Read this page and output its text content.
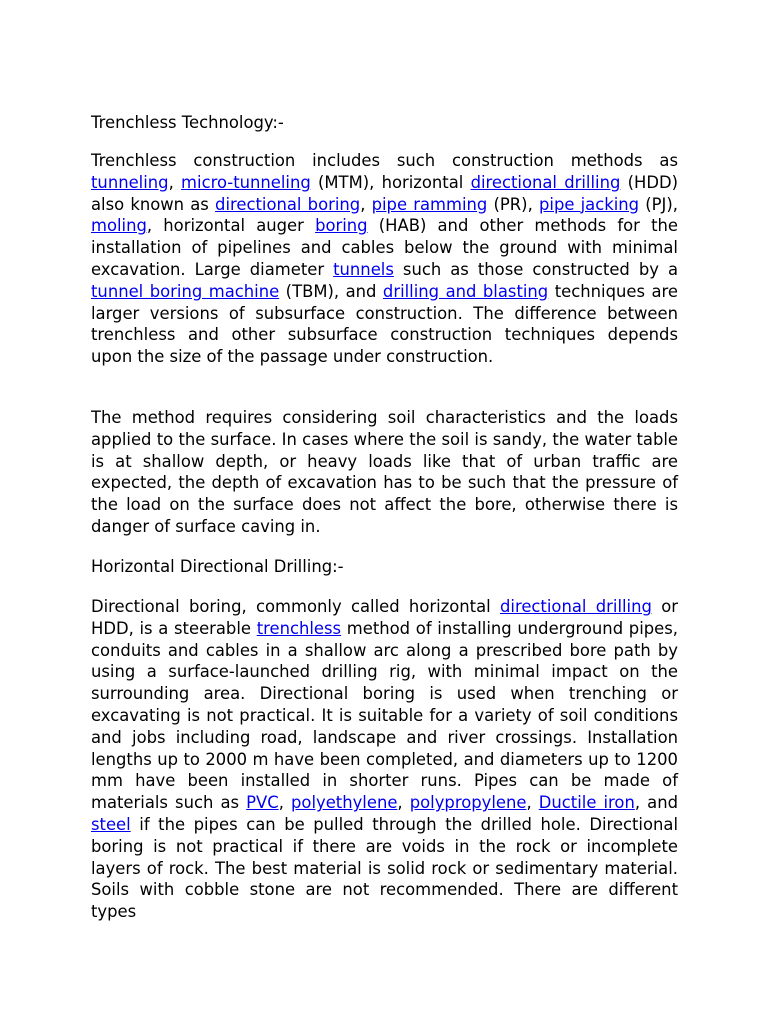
Trenchless Technology:-
Trenchless construction includes such construction methods as tunneling, micro-tunneling (MTM), horizontal directional drilling (HDD) also known as directional boring, pipe ramming (PR), pipe jacking (PJ), moling, horizontal auger boring (HAB) and other methods for the installation of pipelines and cables below the ground with minimal excavation. Large diameter tunnels such as those constructed by a tunnel boring machine (TBM), and drilling and blasting techniques are larger versions of subsurface construction. The difference between trenchless and other subsurface construction techniques depends upon the size of the passage under construction.
The method requires considering soil characteristics and the loads applied to the surface. In cases where the soil is sandy, the water table is at shallow depth, or heavy loads like that of urban traffic are expected, the depth of excavation has to be such that the pressure of the load on the surface does not affect the bore, otherwise there is danger of surface caving in.
Horizontal Directional Drilling:-
Directional boring, commonly called horizontal directional drilling or HDD, is a steerable trenchless method of installing underground pipes, conduits and cables in a shallow arc along a prescribed bore path by using a surface-launched drilling rig, with minimal impact on the surrounding area. Directional boring is used when trenching or excavating is not practical. It is suitable for a variety of soil conditions and jobs including road, landscape and river crossings. Installation lengths up to 2000 m have been completed, and diameters up to 1200 mm have been installed in shorter runs. Pipes can be made of materials such as PVC, polyethylene, polypropylene, Ductile iron, and steel if the pipes can be pulled through the drilled hole. Directional boring is not practical if there are voids in the rock or incomplete layers of rock. The best material is solid rock or sedimentary material. Soils with cobble stone are not recommended. There are different types
